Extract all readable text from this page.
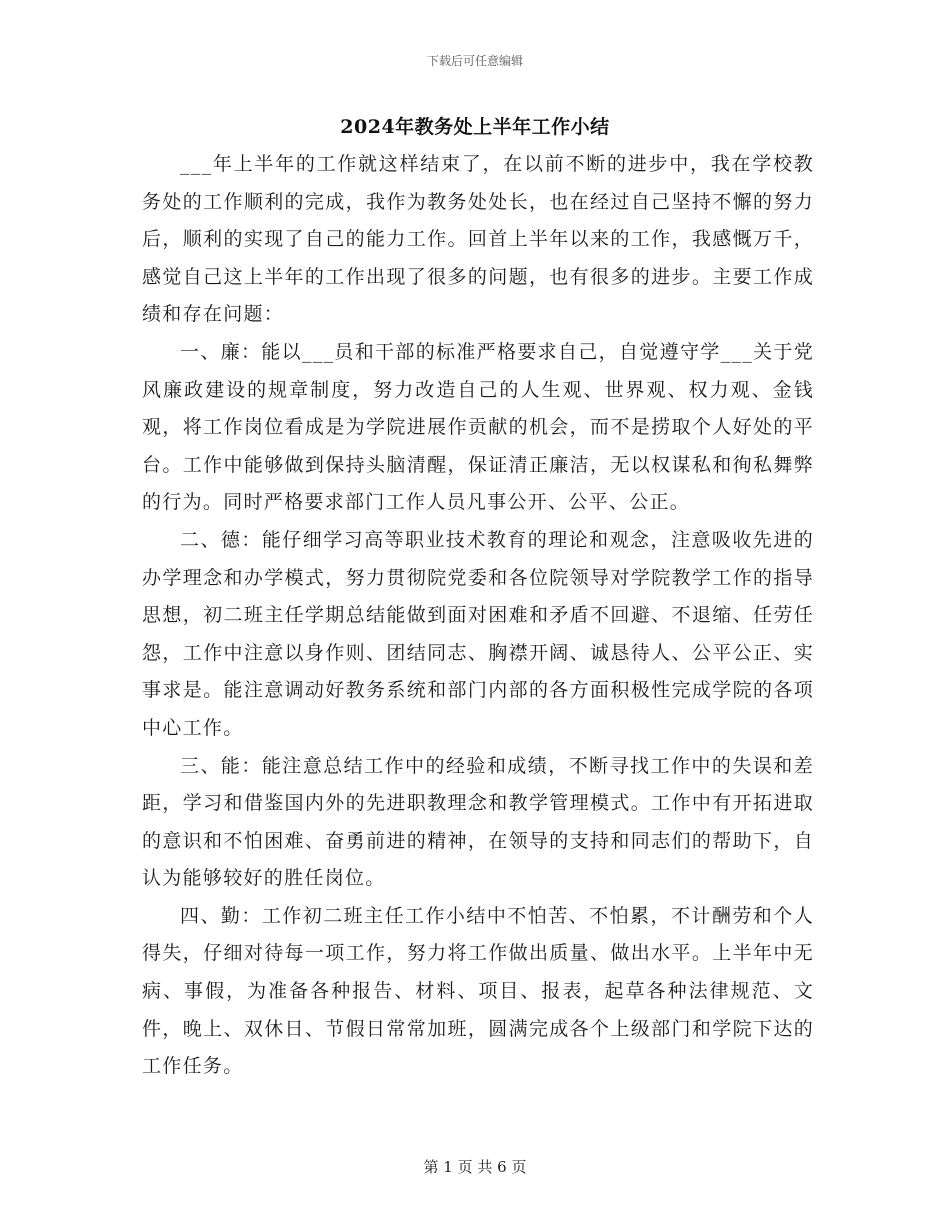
下载后可任意编辑
2024年教务处上半年工作小结

___年上半年的工作就这样结束了，在以前不断的进步中，我在学校教务处的工作顺利的完成，我作为教务处处长，也在经过自己坚持不懈的努力后，顺利的实现了自己的能力工作。回首上半年以来的工作，我感慨万千，感觉自己这上半年的工作出现了很多的问题，也有很多的进步。主要工作成绩和存在问题：

一、廉：能以___员和干部的标准严格要求自己，自觉遵守学___关于党风廉政建设的规章制度，努力改造自己的人生观、世界观、权力观、金钱观，将工作岗位看成是为学院进展作贡献的机会，而不是捞取个人好处的平台。工作中能够做到保持头脑清醒，保证清正廉洁，无以权谋私和徇私舞弊的行为。同时严格要求部门工作人员凡事公开、公平、公正。

二、德：能仔细学习高等职业技术教育的理论和观念，注意吸收先进的办学理念和办学模式，努力贯彻院党委和各位院领导对学院教学工作的指导思想，初二班主任学期总结能做到面对困难和矛盾不回避、不退缩、任劳任怨，工作中注意以身作则、团结同志、胸襟开阔、诚恳待人、公平公正、实事求是。能注意调动好教务系统和部门内部的各方面积极性完成学院的各项中心工作。

三、能：能注意总结工作中的经验和成绩，不断寻找工作中的失误和差距，学习和借鉴国内外的先进职教理念和教学管理模式。工作中有开拓进取的意识和不怕困难、奋勇前进的精神，在领导的支持和同志们的帮助下，自认为能够较好的胜任岗位。

四、勤：工作初二班主任工作小结中不怕苦、不怕累，不计酬劳和个人得失，仔细对待每一项工作，努力将工作做出质量、做出水平。上半年中无病、事假，为准备各种报告、材料、项目、报表，起草各种法律规范、文件，晚上、双休日、节假日常常加班，圆满完成各个上级部门和学院下达的工作任务。

第 1 页 共 6 页
